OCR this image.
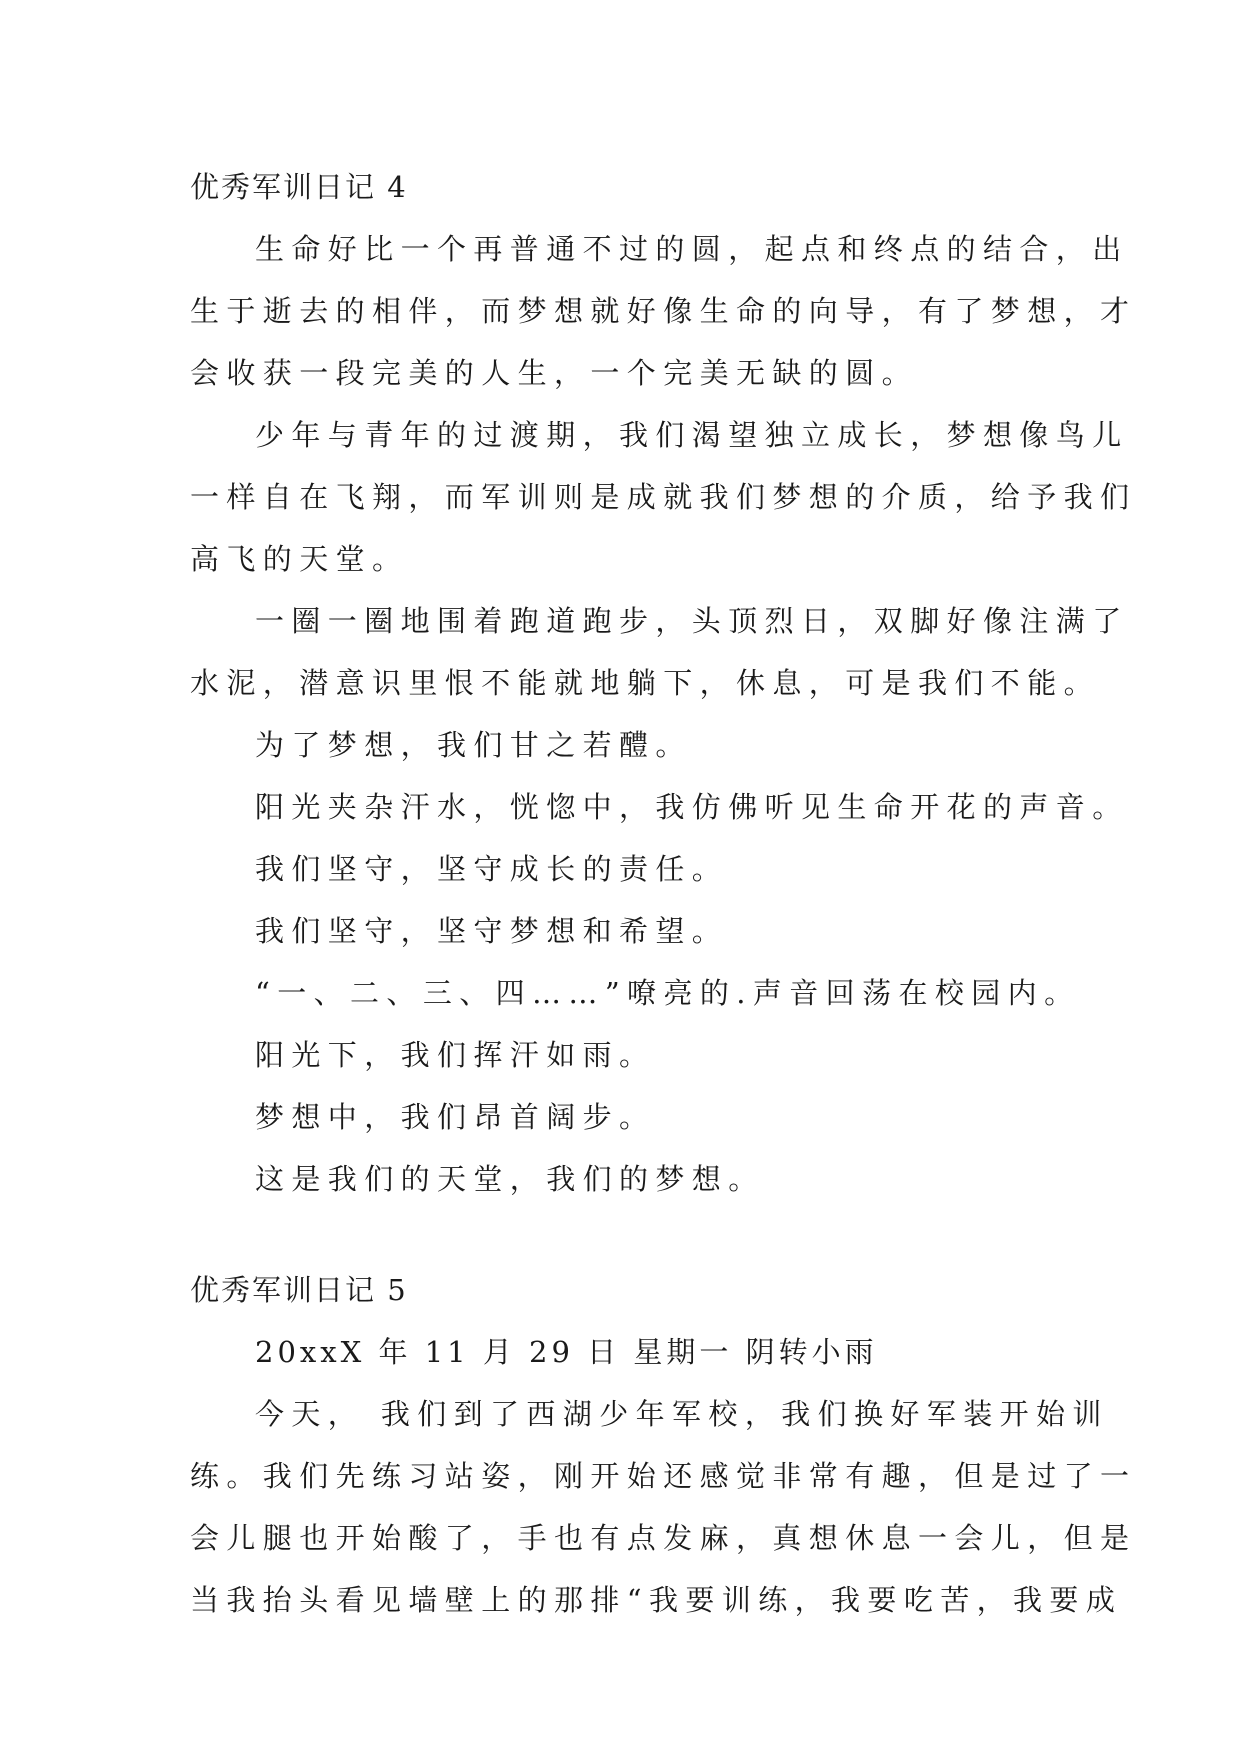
优秀军训日记 4
生命好比一个再普通不过的圆，起点和终点的结合，出
生于逝去的相伴，而梦想就好像生命的向导，有了梦想，才
会收获一段完美的人生，一个完美无缺的圆。
少年与青年的过渡期，我们渴望独立成长，梦想像鸟儿
一样自在飞翔，而军训则是成就我们梦想的介质，给予我们
高飞的天堂。
一圈一圈地围着跑道跑步，头顶烈日，双脚好像注满了
水泥，潜意识里恨不能就地躺下，休息，可是我们不能。
为了梦想，我们甘之若醴。
阳光夹杂汗水，恍惚中，我仿佛听见生命开花的声音。
我们坚守，坚守成长的责任。
我们坚守，坚守梦想和希望。
“一、二、三、四……”嘹亮的.声音回荡在校园内。
阳光下，我们挥汗如雨。
梦想中，我们昂首阔步。
这是我们的天堂，我们的梦想。
优秀军训日记 5
20xxX 年 11 月 29 日 星期一 阴转小雨
今天， 我们到了西湖少年军校，我们换好军装开始训
练。我们先练习站姿，刚开始还感觉非常有趣，但是过了一
会儿腿也开始酸了，手也有点发麻，真想休息一会儿，但是
当我抬头看见墙壁上的那排“我要训练，我要吃苦，我要成
